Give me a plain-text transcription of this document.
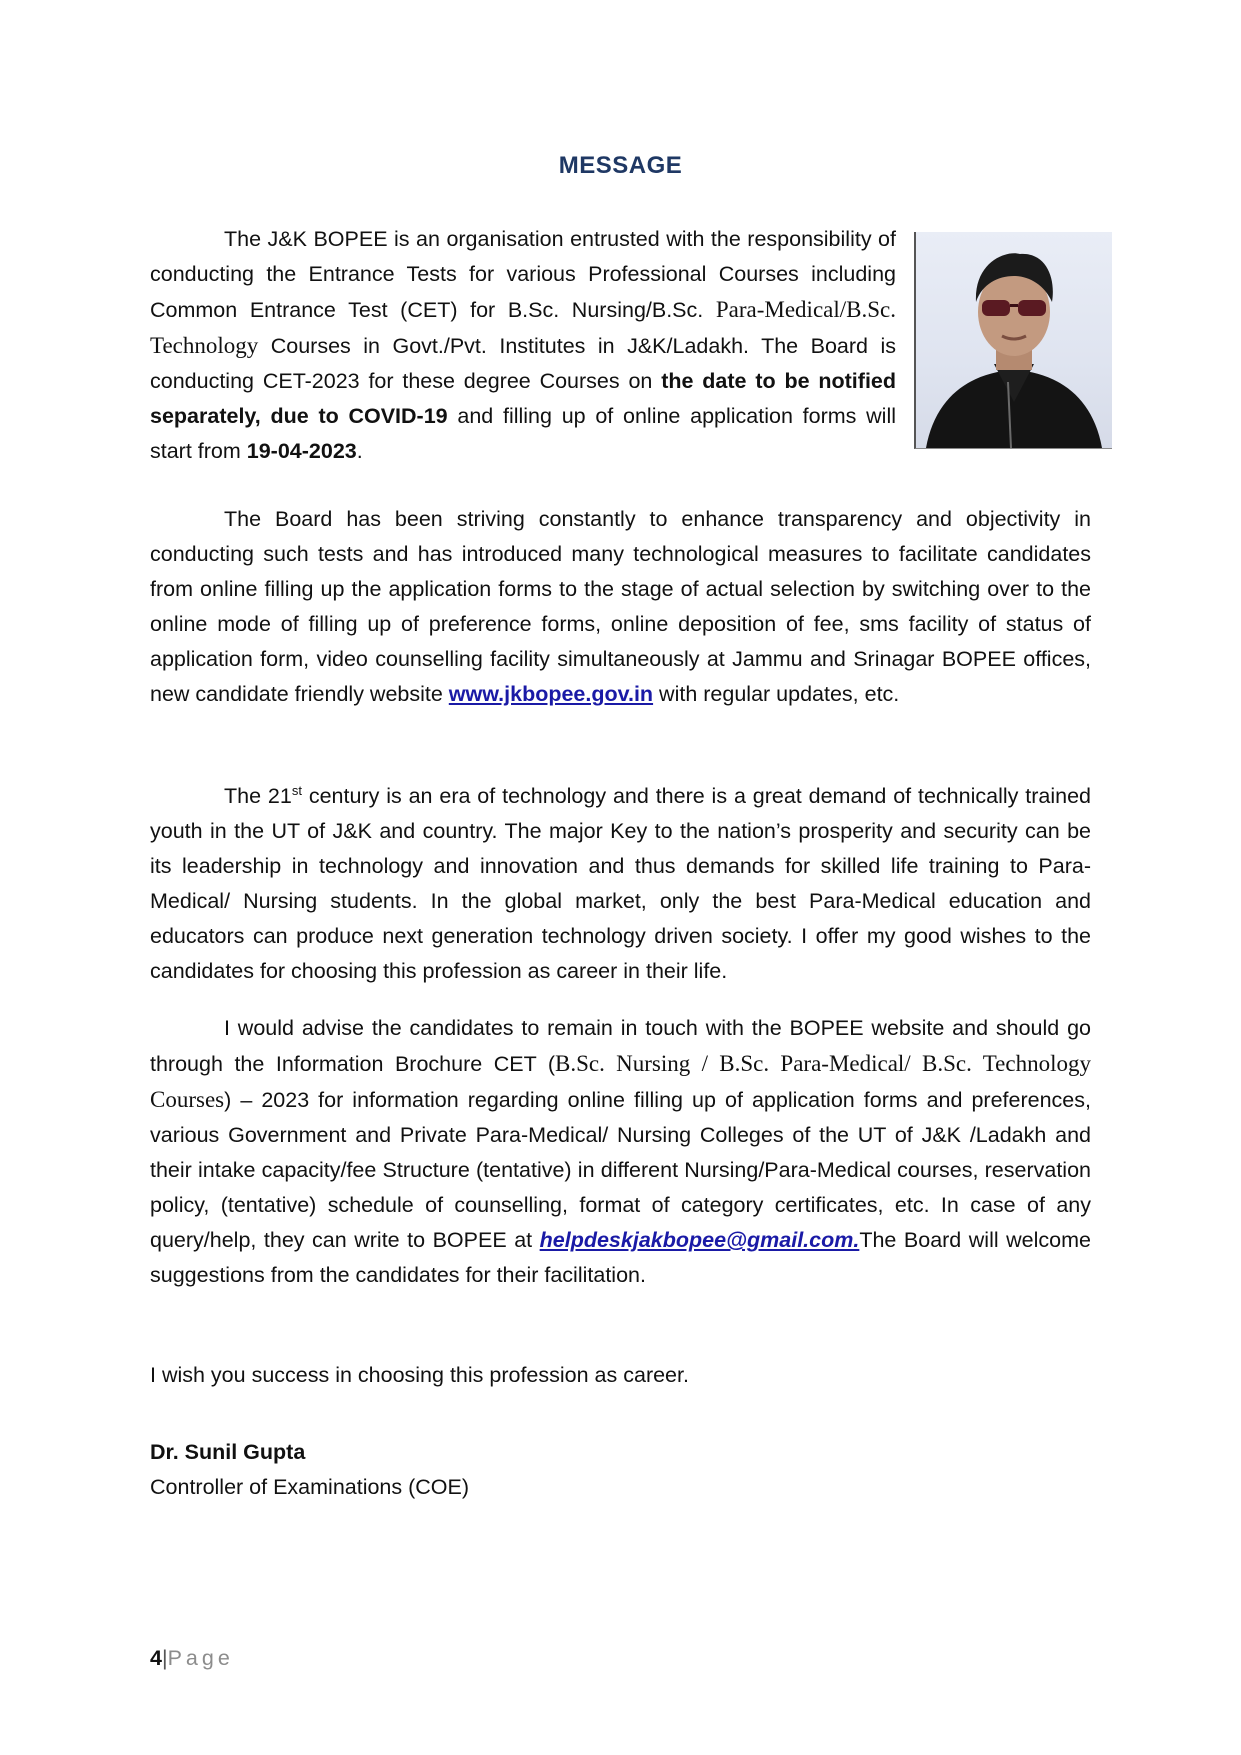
MESSAGE
The J&K BOPEE is an organisation entrusted with the responsibility of conducting the Entrance Tests for various Professional Courses including Common Entrance Test (CET) for B.Sc. Nursing/B.Sc. Para-Medical/B.Sc. Technology Courses in Govt./Pvt. Institutes in J&K/Ladakh. The Board is conducting CET-2023 for these degree Courses on the date to be notified separately, due to COVID-19 and filling up of online application forms will start from 19-04-2023.
The Board has been striving constantly to enhance transparency and objectivity in conducting such tests and has introduced many technological measures to facilitate candidates from online filling up the application forms to the stage of actual selection by switching over to the online mode of filling up of preference forms, online deposition of fee, sms facility of status of application form, video counselling facility simultaneously at Jammu and Srinagar BOPEE offices, new candidate friendly website www.jkbopee.gov.in with regular updates, etc.
The 21st century is an era of technology and there is a great demand of technically trained youth in the UT of J&K and country. The major Key to the nation’s prosperity and security can be its leadership in technology and innovation and thus demands for skilled life training to Para-Medical/ Nursing students. In the global market, only the best Para-Medical education and educators can produce next generation technology driven society. I offer my good wishes to the candidates for choosing this profession as career in their life.
I would advise the candidates to remain in touch with the BOPEE website and should go through the Information Brochure CET (B.Sc. Nursing / B.Sc. Para-Medical/ B.Sc. Technology Courses) – 2023 for information regarding online filling up of application forms and preferences, various Government and Private Para-Medical/ Nursing Colleges of the UT of J&K /Ladakh and their intake capacity/fee Structure (tentative) in different Nursing/Para-Medical courses, reservation policy, (tentative) schedule of counselling, format of category certificates, etc. In case of any query/help, they can write to BOPEE at helpdeskjakbopee@gmail.com.The Board will welcome suggestions from the candidates for their facilitation.
I wish you success in choosing this profession as career.
Dr. Sunil Gupta
Controller of Examinations (COE)
4|Page
